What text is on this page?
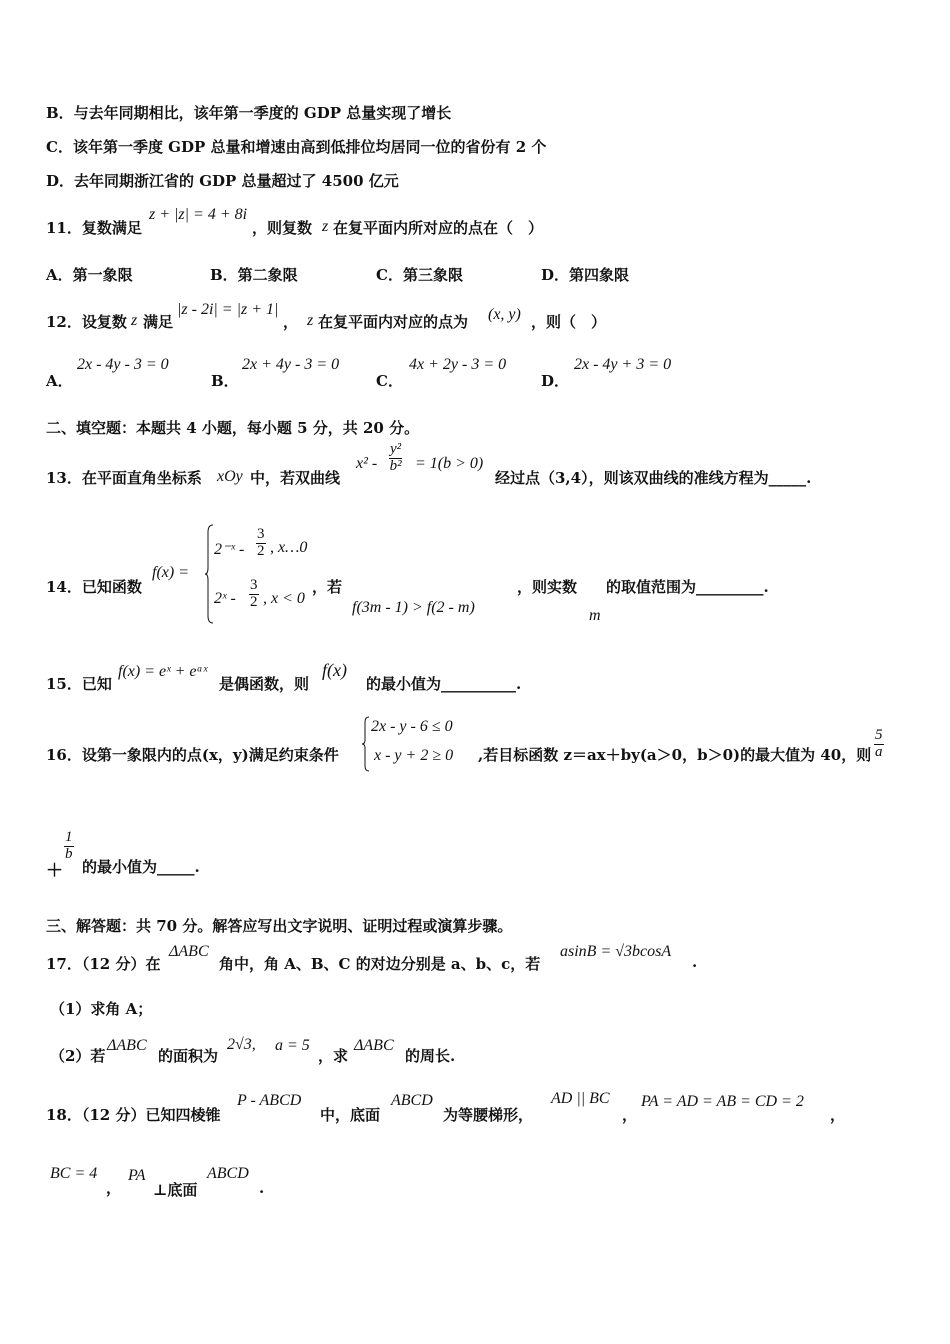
B．与去年同期相比，该年第一季度的 GDP 总量实现了增长
C．该年第一季度 GDP 总量和增速由高到低排位均居同一位的省份有 2 个
D．去年同期浙江省的 GDP 总量超过了 4500 亿元
11．复数满足
z + |z| = 4 + 8i
，则复数 z 在复平面内所对应的点在（　）
A．第一象限	B．第二象限	C．第三象限	D．第四象限
12．设复数 z 满足
|z - 2i| = |z + 1|
， z 在复平面内对应的点为 (x, y) ，则（　）
A．
2x - 4y - 3 = 0
B．
2x + 4y - 3 = 0
C．
4x + 2y - 3 = 0
D．
2x - 4y + 3 = 0
二、填空题：本题共 4 小题，每小题 5 分，共 20 分。
13．在平面直角坐标系 xOy 中，若双曲线
$x^2 - \frac{\text{y²}}{\text{b²}} = 1(b > 0)$
经过点（3,4），则该双曲线的准线方程为_____.
14．已知函数
f(x) =
2⁻ˣ - $\frac{3}{2}$ , x…0
2ˣ - $\frac{3}{2}$ , x < 0
，若
f(3m - 1) > f(2 - m)
，则实数
m
的取值范围为_________.
15．已知
f(x) = eˣ + eᵃˣ
是偶函数，则
f(x)
的最小值为__________.
16．设第一象限内的点(x，y)满足约束条件
2x - y - 6 ≤ 0
x - y + 2 ≥ 0 ,若目标函数 z＝ax＋by(a＞0，b＞0)的最大值为 40，则 $\frac{5}{a}$
＋
$\frac{1}{b}$
的最小值为_____.
三、解答题：共 70 分。解答应写出文字说明、证明过程或演算步骤。
17．（12 分）在
ΔABC
角中，角 A、B、C 的对边分别是 a、b、c，若
asinB = √3bcosA
.
（1）求角 A；
（2）若
ΔABC
的面积为
2√3, a = 5
，求
ΔABC
的周长.
18．（12 分）已知四棱锥
P - ABCD
中，底面
ABCD
为等腰梯形，
AD || BC
，
PA = AD = AB = CD = 2
，
BC = 4
，
PA
⊥底面
ABCD
.
